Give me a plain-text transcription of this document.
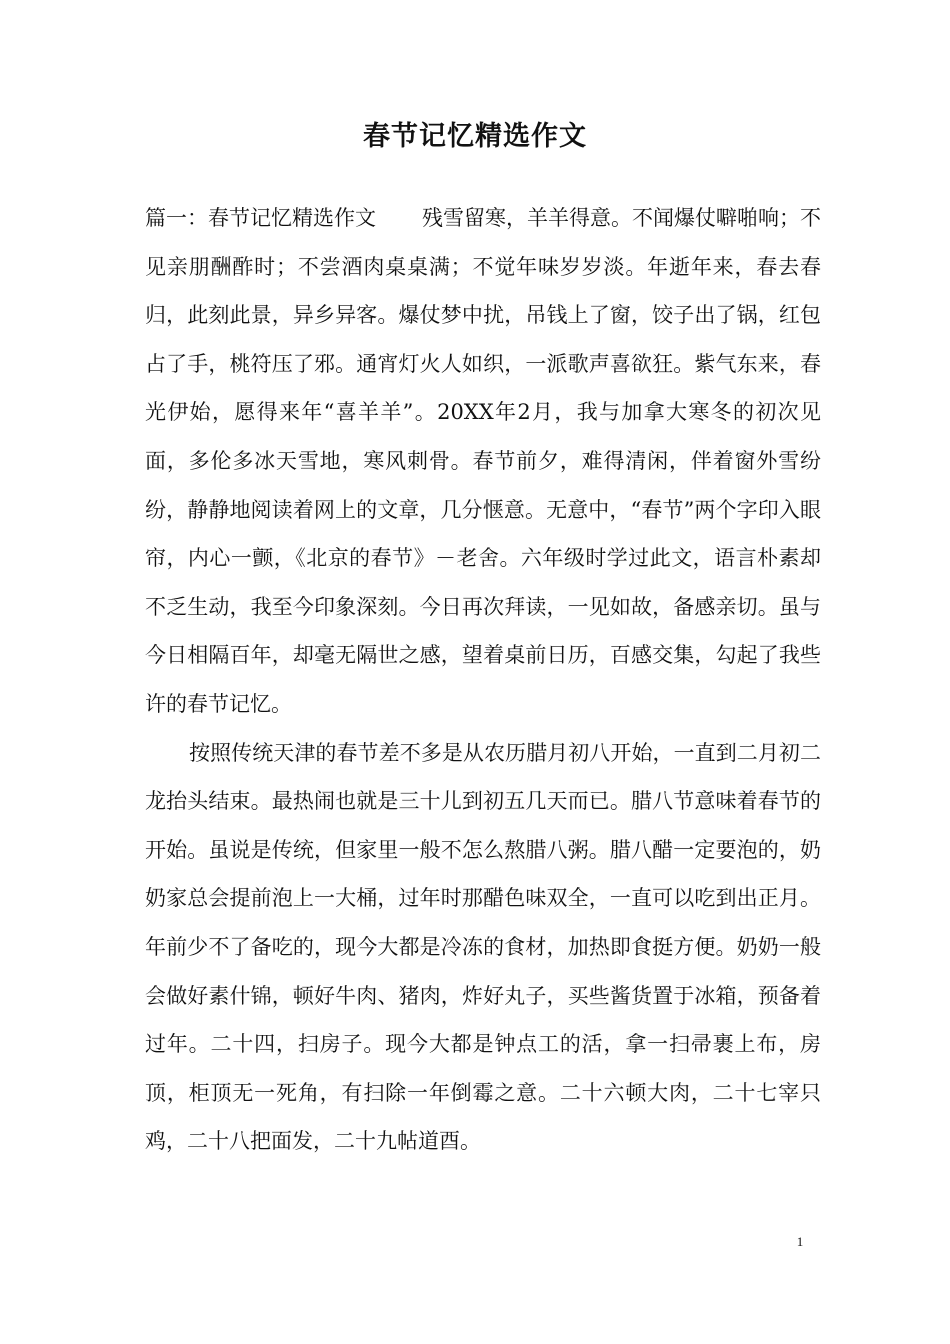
春节记忆精选作文

篇一：春节记忆精选作文 残雪留寒，羊羊得意。不闻爆仗噼啪响；不见亲朋酬酢时；不尝酒肉桌桌满；不觉年味岁岁淡。年逝年来，春去春归，此刻此景，异乡异客。爆仗梦中扰，吊钱上了窗，饺子出了锅，红包占了手，桃符压了邪。通宵灯火人如织，一派歌声喜欲狂。紫气东来，春光伊始，愿得来年“喜羊羊”。20XX年2月，我与加拿大寒冬的初次见面，多伦多冰天雪地，寒风刺骨。春节前夕，难得清闲，伴着窗外雪纷纷，静静地阅读着网上的文章，几分惬意。无意中，“春节”两个字印入眼帘，内心一颤，《北京的春节》－老舍。六年级时学过此文，语言朴素却不乏生动，我至今印象深刻。今日再次拜读，一见如故，备感亲切。虽与今日相隔百年，却毫无隔世之感，望着桌前日历，百感交集，勾起了我些许的春节记忆。

按照传统天津的春节差不多是从农历腊月初八开始，一直到二月初二龙抬头结束。最热闹也就是三十儿到初五几天而已。腊八节意味着春节的开始。虽说是传统，但家里一般不怎么熬腊八粥。腊八醋一定要泡的，奶奶家总会提前泡上一大桶，过年时那醋色味双全，一直可以吃到出正月。年前少不了备吃的，现今大都是冷冻的食材，加热即食挺方便。奶奶一般会做好素什锦，顿好牛肉、猪肉，炸好丸子，买些酱货置于冰箱，预备着过年。二十四，扫房子。现今大都是钟点工的活，拿一扫帚裹上布，房顶，柜顶无一死角，有扫除一年倒霉之意。二十六顿大肉，二十七宰只鸡，二十八把面发，二十九帖道酉。

1
